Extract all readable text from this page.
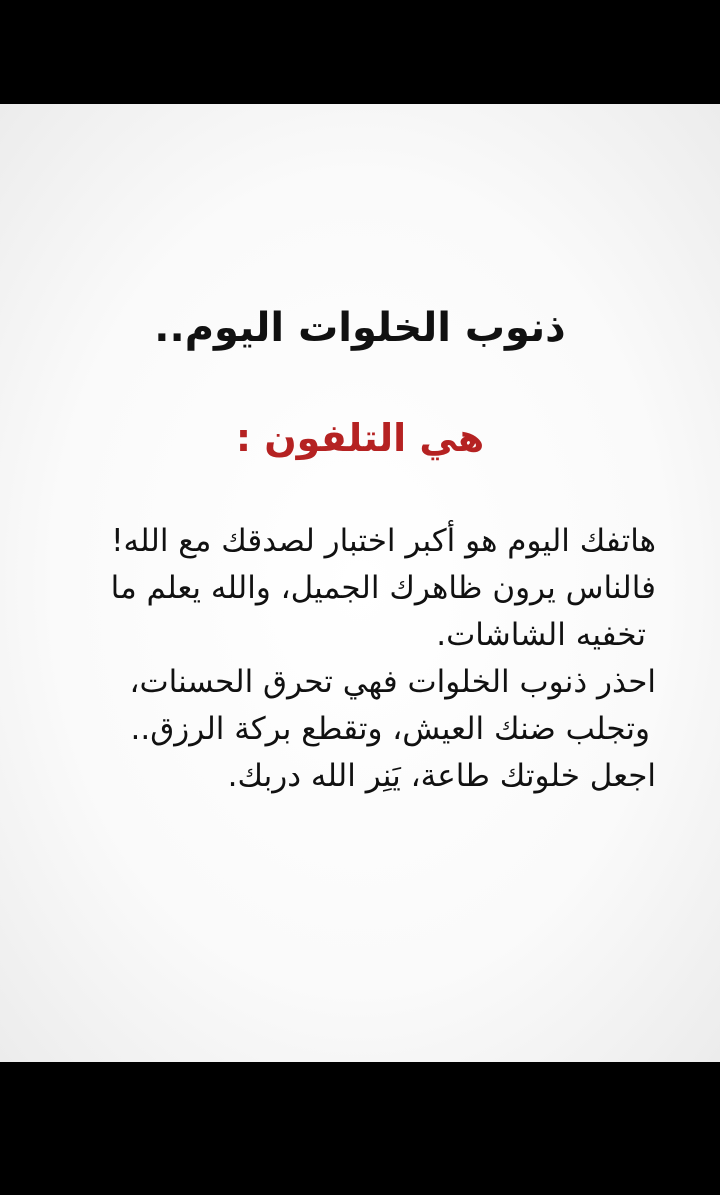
ذنوب الخلوات اليوم..
هي التلفون :
هاتفك اليوم هو أكبر اختبار لصدقك مع الله!
فالناس يرون ظاهرك الجميل، والله يعلم ما
تخفيه الشاشات.
احذر ذنوب الخلوات فهي تحرق الحسنات،
وتجلب ضنك العيش، وتقطع بركة الرزق..
اجعل خلوتك طاعة، يَنِر الله دربك.
